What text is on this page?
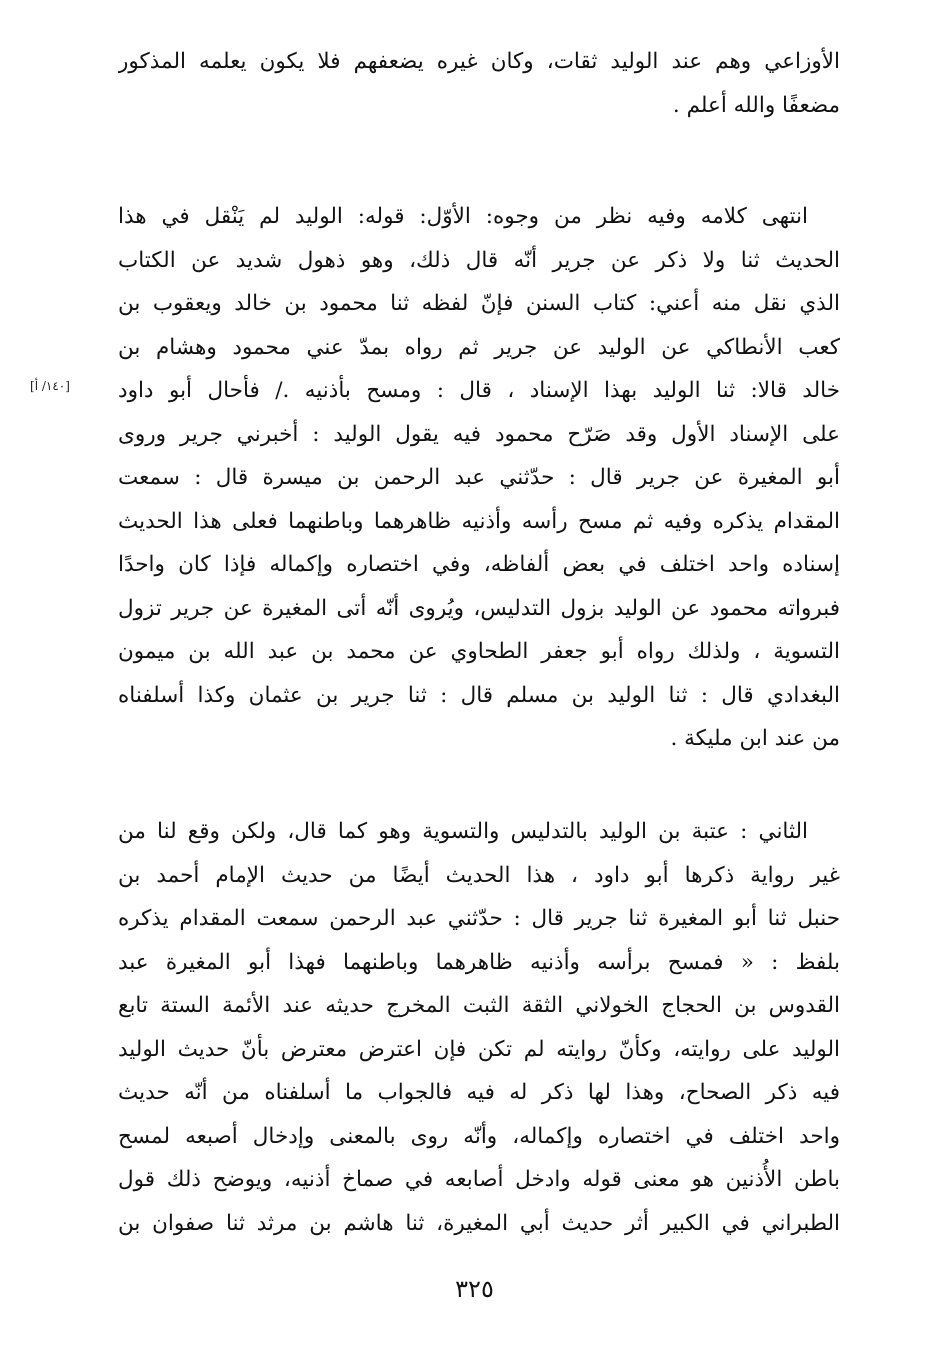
الأوزاعي وهم عند الوليد ثقات، وكان غيره يضعفهم فلا يكون يعلمه المذكور
مضعفًا والله أعلم .
انتهى كلامه وفيه نظر من وجوه: الأوّل: قوله: الوليد لم يَنْقل في هذا
الحديث ثنا ولا ذكر عن جرير أنّه قال ذلك، وهو ذهول شديد عن الكتاب
الذي نقل منه أعني: كتاب السنن فإنّ لفظه ثنا محمود بن خالد ويعقوب بن
كعب الأنطاكي عن الوليد عن جرير ثم رواه بمدّ عني محمود وهشام بن
خالد قالا: ثنا الوليد بهذا الإسناد ، قال : ومسح بأذنيه ./ فأحال أبو داود
على الإسناد الأول وقد صَرّح محمود فيه يقول الوليد : أخبرني جرير وروى
أبو المغيرة عن جرير قال : حدّثني عبد الرحمن بن ميسرة قال : سمعت
المقدام يذكره وفيه ثم مسح رأسه وأذنيه ظاهرهما وباطنهما فعلى هذا الحديث
إسناده واحد اختلف في بعض ألفاظه، وفي اختصاره وإكماله فإذا كان واحدًا
فبرواته محمود عن الوليد بزول التدليس، ويُروى أنّه أتى المغيرة عن جرير تزول
التسوية ، ولذلك رواه أبو جعفر الطحاوي عن محمد بن عبد الله بن ميمون
البغدادي قال : ثنا الوليد بن مسلم قال : ثنا جرير بن عثمان وكذا أسلفناه
من عند ابن مليكة .
[١٤٠/ أ]
الثاني : عتبة بن الوليد بالتدليس والتسوية وهو كما قال، ولكن وقع لنا من
غير رواية ذكرها أبو داود ، هذا الحديث أيضًا من حديث الإمام أحمد بن
حنبل ثنا أبو المغيرة ثنا جرير قال : حدّثني عبد الرحمن سمعت المقدام يذكره
بلفظ : « فمسح برأسه وأذنيه ظاهرهما وباطنهما فهذا أبو المغيرة عبد
القدوس بن الحجاج الخولاني الثقة الثبت المخرج حديثه عند الأئمة الستة تابع
الوليد على روايته، وكأنّ روايته لم تكن فإن اعترض معترض بأنّ حديث الوليد
فيه ذكر الصحاح، وهذا لها ذكر له فيه فالجواب ما أسلفناه من أنّه حديث
واحد اختلف في اختصاره وإكماله، وأنّه روى بالمعنى وإدخال أصبعه لمسح
باطن الأُذنين هو معنى قوله وادخل أصابعه في صماخ أذنيه، ويوضح ذلك قول
الطبراني في الكبير أثر حديث أبي المغيرة، ثنا هاشم بن مرثد ثنا صفوان بن
٣٢٥
